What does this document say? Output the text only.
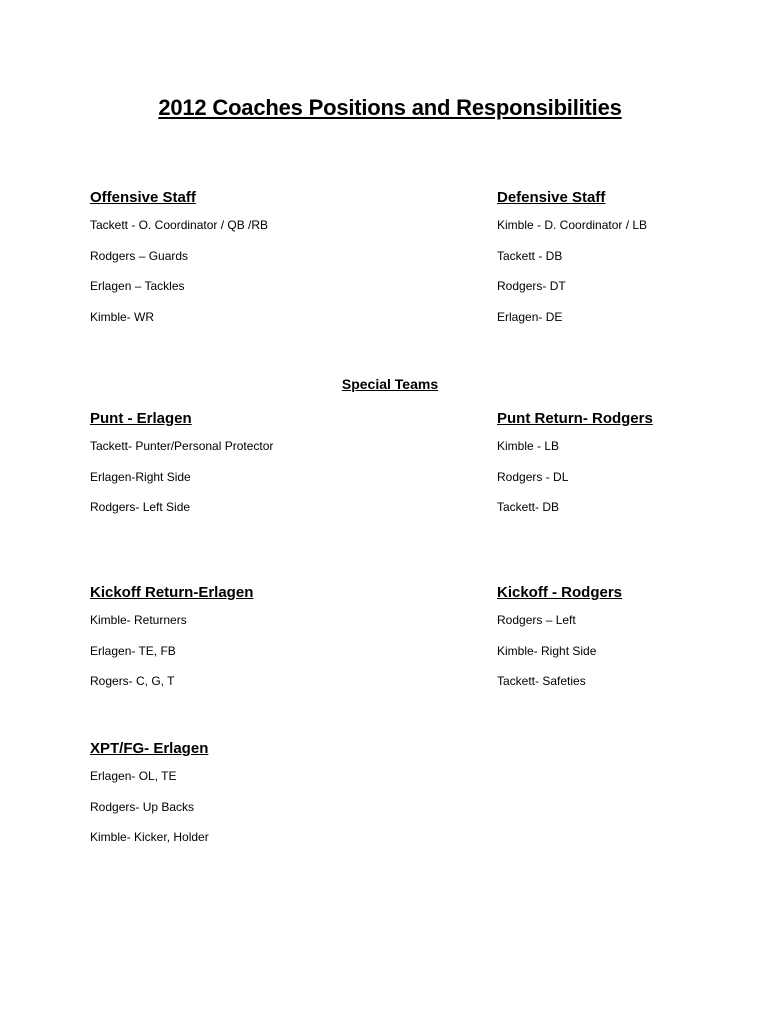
2012 Coaches Positions and Responsibilities
Offensive Staff
Tackett - O. Coordinator / QB /RB
Rodgers – Guards
Erlagen – Tackles
Kimble- WR
Defensive Staff
Kimble - D. Coordinator / LB
Tackett - DB
Rodgers- DT
Erlagen- DE
Special Teams
Punt - Erlagen
Tackett- Punter/Personal Protector
Erlagen-Right Side
Rodgers- Left Side
Punt Return- Rodgers
Kimble - LB
Rodgers - DL
Tackett- DB
Kickoff Return-Erlagen
Kimble- Returners
Erlagen- TE, FB
Rogers- C, G, T
Kickoff - Rodgers
Rodgers – Left
Kimble- Right Side
Tackett- Safeties
XPT/FG- Erlagen
Erlagen- OL, TE
Rodgers- Up Backs
Kimble- Kicker, Holder
